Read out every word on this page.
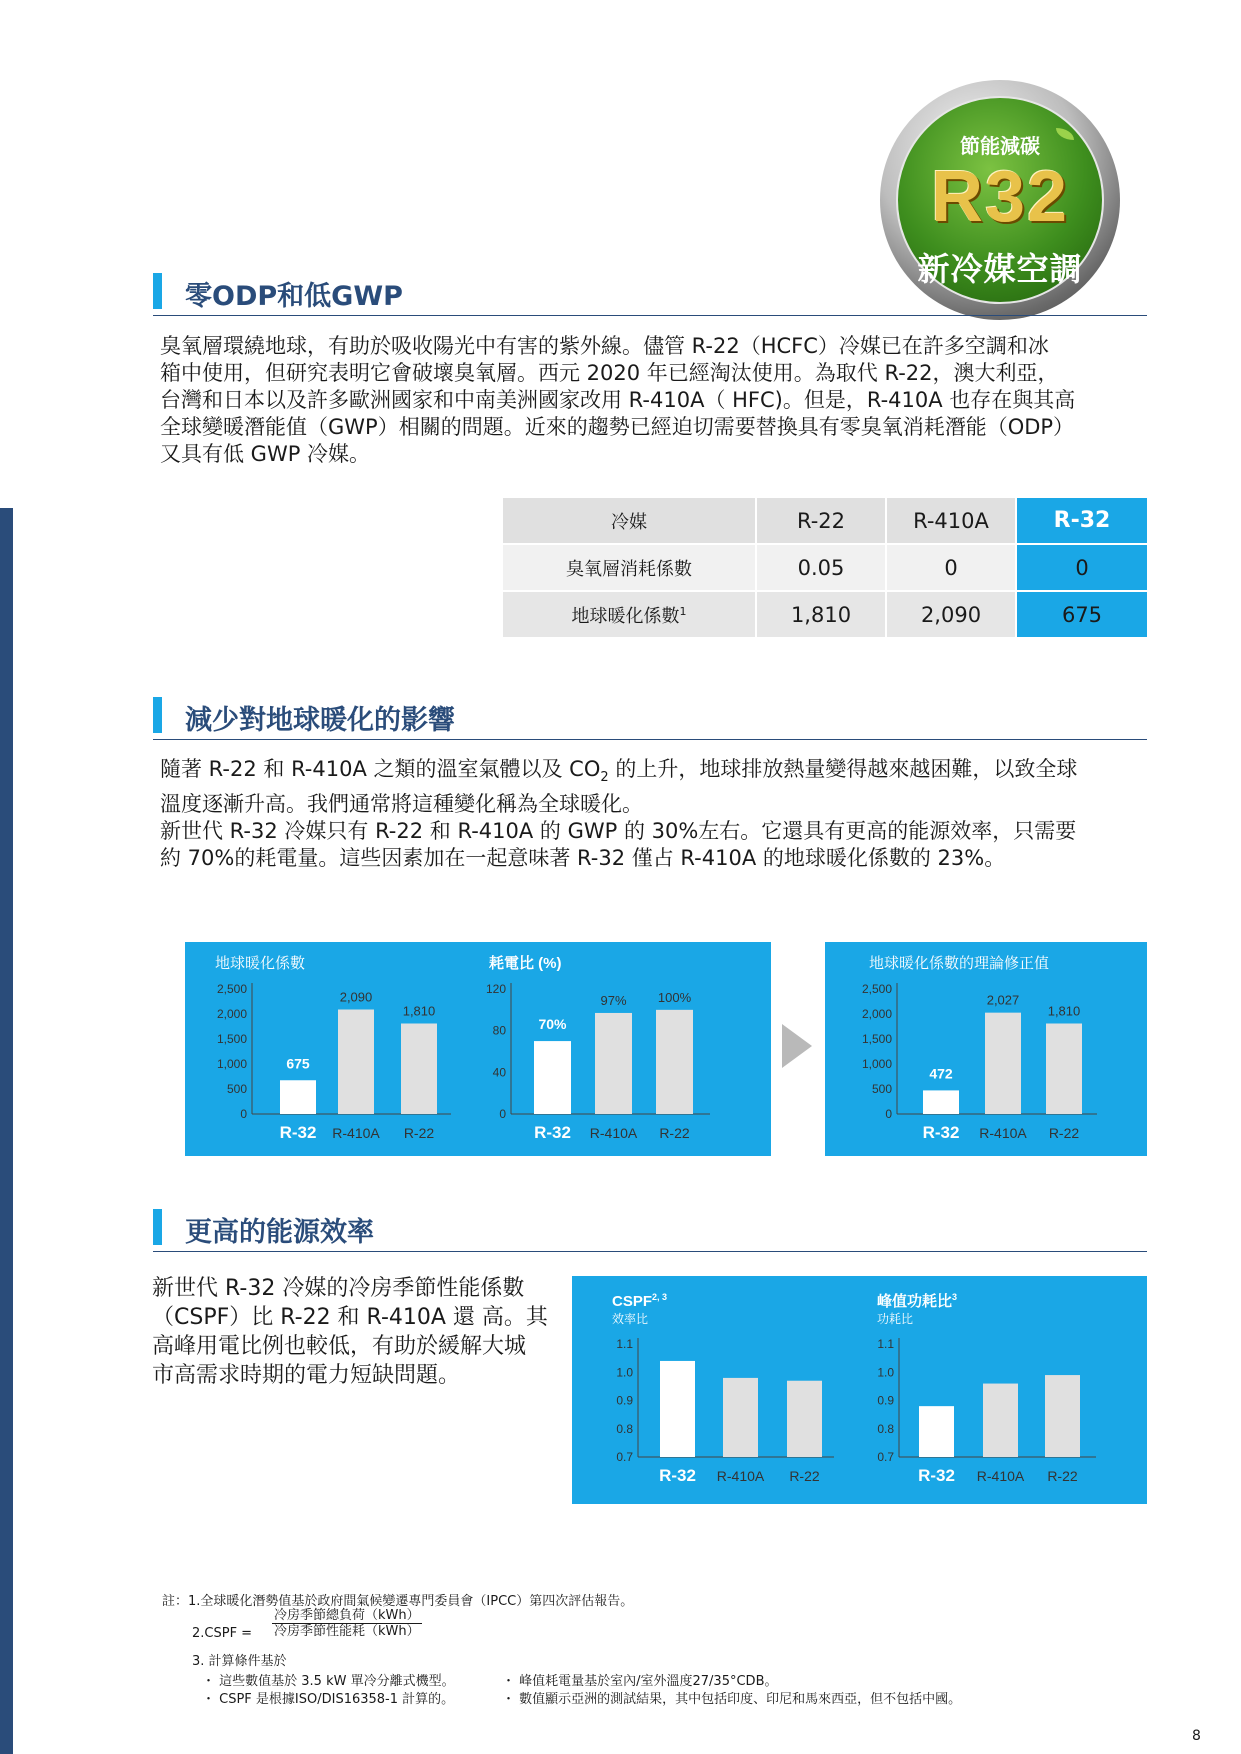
節能減碳
R32
新冷媒空調
零ODP和低GWP

臭氧層環繞地球，有助於吸收陽光中有害的紫外線。儘管 R-22（HCFC）冷媒已在許多空調和冰

箱中使用，但研究表明它會破壞臭氧層。西元 2020 年已經淘汰使用。為取代 R-22，澳大利亞，

台灣和日本以及許多歐洲國家和中南美洲國家改用 R-410A（ HFC)。但是，R-410A 也存在與其高

全球變暖潛能值（GWP）相關的問題。近來的趨勢已經迫切需要替換具有零臭氧消耗潛能（ODP）

又具有低 GWP 冷媒。

冷媒	R-22	R-410A	R-32
臭氧層消耗係數	0.05	0	0
地球暖化係數$^1$	1,810	2,090	675
減少對地球暖化的影響

隨著 R-22 和 R-410A 之類的溫室氣體以及 $CO_2$ 的上升，地球排放熱量變得越來越困難，以致全球

溫度逐漸升高。我們通常將這種變化稱為全球暖化。

新世代 R-32 冷媒只有 R-22 和 R-410A 的 GWP 的 30%左右。它還具有更高的能源效率，只需要

約 70%的耗電量。這些因素加在一起意味著 R-32 僅占 R-410A 的地球暖化係數的 23%。

地球暖化係數
2,500
2,000
1,500
1,000
500
0
675
R-32
2,090
R-410A
1,810
R-22
耗電比 (%)
120
80
40
0
70%
R-32
97%
R-410A
100%
R-22
地球暖化係數的理論修正值
2,500
2,000
1,500
1,000
500
0
472
R-32
2,027
R-410A
1,810
R-22
更高的能源效率

新世代 R-32 冷媒的冷房季節性能係數

（CSPF）比 R-22 和 R-410A 還 高。其

高峰用電比例也較低，有助於緩解大城

市高需求時期的電力短缺問題。

CSPF$^{2, 3}$
效率比
1.1
1.0
0.9
0.8
0.7
R-32 R-410A R-22
峰值功耗比$^3$
功耗比
1.1
1.0
0.9
0.8
0.7
R-32 R-410A R-22
註：1.全球暖化潛勢值基於政府間氣候變遷專門委員會（IPCC）第四次評估報告。
2.CSPF =
冷房季節總負荷（kWh）
冷房季節性能耗（kWh）
3. 計算條件基於
・ 這些數值基於 3.5 kW 單冷分離式機型。
・ CSPF 是根據ISO/DIS16358-1 計算的。
・ 峰值耗電量基於室內/室外溫度27/35°CDB。
・ 數值顯示亞洲的測試結果，其中包括印度、印尼和馬來西亞，但不包括中國。
8
